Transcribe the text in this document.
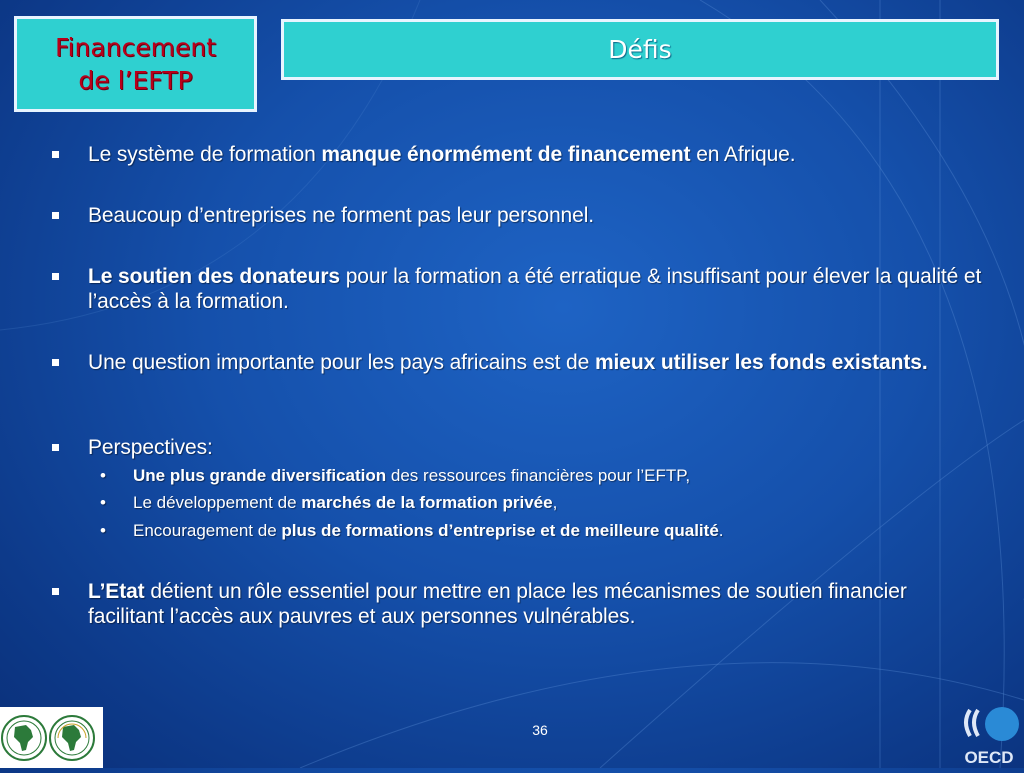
Financement
de l’EFTP
Défis
Le système de formation manque énormément de financement en Afrique.
Beaucoup d’entreprises ne forment pas leur personnel.
Le soutien des donateurs pour la formation a été erratique & insuffisant pour élever la qualité et l’accès à la formation.
Une question importante pour les pays africains est de mieux utiliser les fonds existants.
Perspectives:
• Une plus grande diversification des ressources financières pour l’EFTP,
• Le développement de marchés de la formation privée,
• Encouragement de plus de formations d’entreprise et de meilleure qualité.
L’Etat détient un rôle essentiel pour mettre en place les mécanismes de soutien financier facilitant l’accès aux pauvres et aux personnes vulnérables.
36
OECD
